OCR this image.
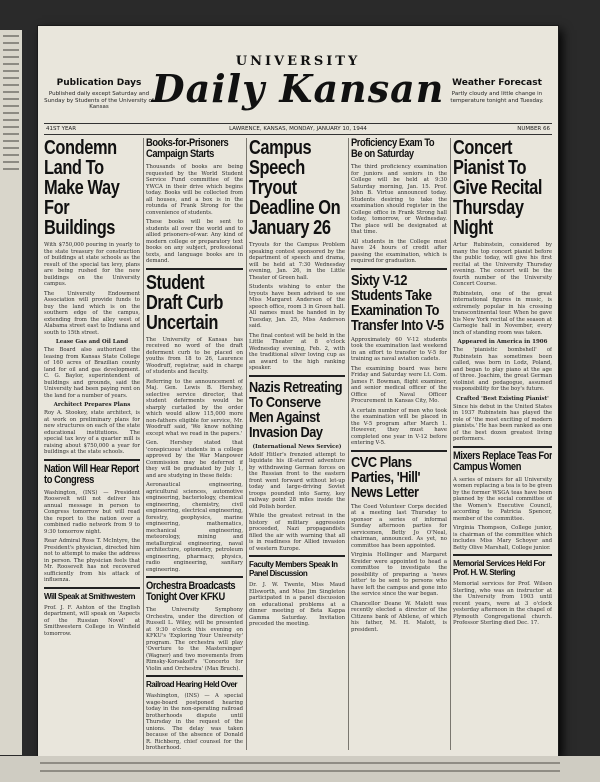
Publication Days
Published daily except Saturday and Sunday by Students of the University of Kansas
UNIVERSITY
Daily Kansan Weather Forecast
Partly cloudy and little change in temperature tonight and Tuesday.
41ST YEAR	LAWRENCE, KANSAS, MONDAY, JANUARY 10, 1944	NUMBER 66
Condemn Land To Make Way For Buildings

With $750,000 pouring in yearly to the state treasury for construction of buildings at state schools as the result of the special tax levy, plans are being rushed for the new buildings on the University campus.

The University Endowment Association will provide funds to buy the land which is on the southern edge of the campus, extending from the alley west of Alabama street east to Indiana and south to 15th street.

Lease Gas and Oil Land

The Board also authorized the leasing from Kansas State College of 160 acres of Brazilian county land for oil and gas development. C. G. Baylor, superintendent of buildings and grounds, said the University had been paying rent on the land for a number of years.

Architect Prepares Plans

Roy A. Stookey, state architect, is at work on preliminary plans for new structures on each of the state educational institutions. The special tax levy of a quarter mill is raising about $750,000 a year for buildings at the state schools.

Nation Will Hear Report to Congress

Washington, (INS) — President Roosevelt will not deliver his annual message in person to Congress tomorrow but will read the report to the nation over a combined radio network from 9 to 9:30 tomorrow night.

Rear Admiral Ross T. McIntyre, the President's physician, directed him not to attempt to make the address in person. The physician feels that Mr. Roosevelt has not recovered sufficiently from his attack of influenza.

Will Speak at Smithwestern

Prof. J. F. Ashton of the English department, will speak on 'Aspects of the Russian Novel' at Smithwestern College in Winfield tomorrow.

Books-for-Prisoners Campaign Starts

Thousands of books are being requested by the World Student Service Fund committee of the YWCA in their drive which begins today. Books will be collected from all houses, and a box is in the rotunda of Frank Strong for the convenience of students.

These books will be sent to students all over the world and to allied prisoners-of-war. Any kind of modern college or preparatory text books on any subject, professional texts, and language books are in demand.

Student Draft Curb Uncertain

The University of Kansas has received no word of the draft deferment curb to be placed on youths from 18 to 26, Laurence Woodruff, registrar, said in charge of students and faculty.

Referring to the announcement of Maj. Gen. Lewis B. Hershey, selective service director, that student deferments would be sharply curtailed by the order which would allow 115,000 more non-fathers eligible for service, Mr. Woodruff said, 'We know nothing except what we read in the papers.'

Gen. Hershey stated that 'conspicuous' students in a college approved by the War Manpower Commission may be deferred if they will be graduated by July 1, and are studying in these fields:

Aeronautical engineering, agricultural sciences, automotive engineering, bacteriology, chemical engineering, chemistry, civil engineering, electrical engineering, forestry, geophysics, marine engineering, mathematics, mechanical engineering, meteorology, mining and metallurgical engineering, naval architecture, optometry, petroleum engineering, pharmacy, physics, radio engineering, sanitary engineering.

Orchestra Broadcasts Tonight Over KFKU

The University Symphony Orchestra, under the direction of Russell L. Wiley, will be presented at 9:30 o'clock this evening on KFKU's 'Exploring Your University' program. The orchestra will play 'Overture to the Mastersinger' (Wagner) and two movements from Rimsky-Korsakoff's 'Concerto for Violin and Orchestra' (Max Bruch).

Railroad Hearing Held Over

Washington, (INS) — A special wage-board postponed hearing today in the non-operating railroad brotherhoods dispute until Thursday in the request of the unions. The delay was taken because of the absence of Donald R. Richberg, chief counsel for the brotherhood.

Campus Speech Tryout Deadline On January 26

Tryouts for the Campus Problem speaking contest sponsored by the department of speech and drama, will be held at 7:30 Wednesday evening, Jan. 26, in the Little Theater of Green hall.

Students wishing to enter the tryouts have been advised to see Miss Margaret Anderson of the speech office, room 3 in Green hall. All names must be handed in by Tuesday, Jan. 25, Miss Anderson said.

The final contest will be held in the Little Theater at 8 o'clock Wednesday evening, Feb. 2, with the traditional silver loving cup as an award to the high ranking speaker.

Nazis Retreating To Conserve Men Against Invasion Day
(International News Service)

Adolf Hitler's frenzied attempt to liquidate his ill-starred adventure by withdrawing German forces on the Russian front to the eastern front went forward without let-up today and large-driving Soviet troops pounded into Sarny, key railway point 28 miles inside the old Polish border.

While the greatest retreat in the history of military aggression proceeded, Nazi propagandists filled the air with warning that all is in readiness for Allied invasion of western Europe.

Faculty Members Speak In Panel Discussion

Dr. J. W. Twente, Miss Maud Ellsworth, and Miss Jim Singleton participated in a panel discussion on educational problems at a dinner meeting of Beta Kappa Gamma Saturday. Invitation preceded the meeting.

Proficiency Exam To Be on Saturday

The third proficiency examination for juniors and seniors in the College will be held at 9:30 Saturday morning, Jan. 15. Prof. John B. Virtue announced today. Students desiring to take the examination should register in the College office in Frank Strong hall today, tomorrow, or Wednesday. The place will be designated at that time.

All students in the College must have 24 hours of credit after passing the examination, which is required for graduation.

Sixty V-12 Students Take Examination To Transfer Into V-5

Approximately 60 V-12 students took the examination last weekend in an effort to transfer to V-5 for training as naval aviation cadets.

The examining board was here Friday and Saturday were Lt. Com. James F. Bowman, flight examiner, and senior medical officer of the Office of Naval Officer Procurement in Kansas City, Mo.

A certain number of men who took the examination will be placed in the V-5 program after March 1. However, they must have completed one year in V-12 before entering V-5.

CVC Plans Parties, 'Hill' News Letter

The Coed Volunteer Corps decided at a meeting last Thursday to sponsor a series of informal Sunday afternoon parties for servicemen, Betty Jo O'Neal, chairman, announced. As yet, no committee has been appointed.

Virginia Hollinger and Margaret Kreider were appointed to head a committee to investigate the possibility of preparing a 'news letter' to be sent to persons who have left the campus and gone into the service since the war began.

Chancellor Deane W. Malott was recently elected a director of the Citizens bank of Abilene, of which his father, M. H. Malott, is president.

Concert Pianist To Give Recital Thursday Night

Artur Rubinstein, considered by many the top concert pianist before the public today, will give his first recital at the University Thursday evening. The concert will be the fourth number of the University Concert Course.

Rubinstein, one of the great international figures in music, is extremely popular in his crossing transcontinental tour. When he gave his New York recital of the season at Carnegie hall in November, every inch of standing room was taken.

Appeared in America in 1906

The 'pianistic bombshell' of Rubinstein has sometimes been called, was born in Lodz, Poland, and began to play piano at the age of three. Joachim, the great German violinist and pedagogue, assumed responsibility for the boy's future.

Crafted 'Best Existing Pianist'

Since his debut in the United States in 1937 Rubinstein has played the role of 'the most exciting of modern pianists.' He has been ranked as one of the best dozen greatest living performers.

Mixers Replace Teas For Campus Women

A series of mixers for all University women replacing a tea is to be given by the former WSGA teas have been planned by the social committee of the Women's Executive Council, according to Patricia Spencer, member of the committee.

Virginia Thompson, College junior, is chairman of the committee which includes Miss Mary Schoyer and Betty Olive Marshall, College junior.

Memorial Services Held For Prof. H. W. Sterling

Memorial services for Prof. Wilson Sterling, who was an instructor at the University from 1903 until recent years, were at 3 o'clock yesterday afternoon in the chapel of Plymouth Congregational church. Professor Sterling died Dec. 17.
